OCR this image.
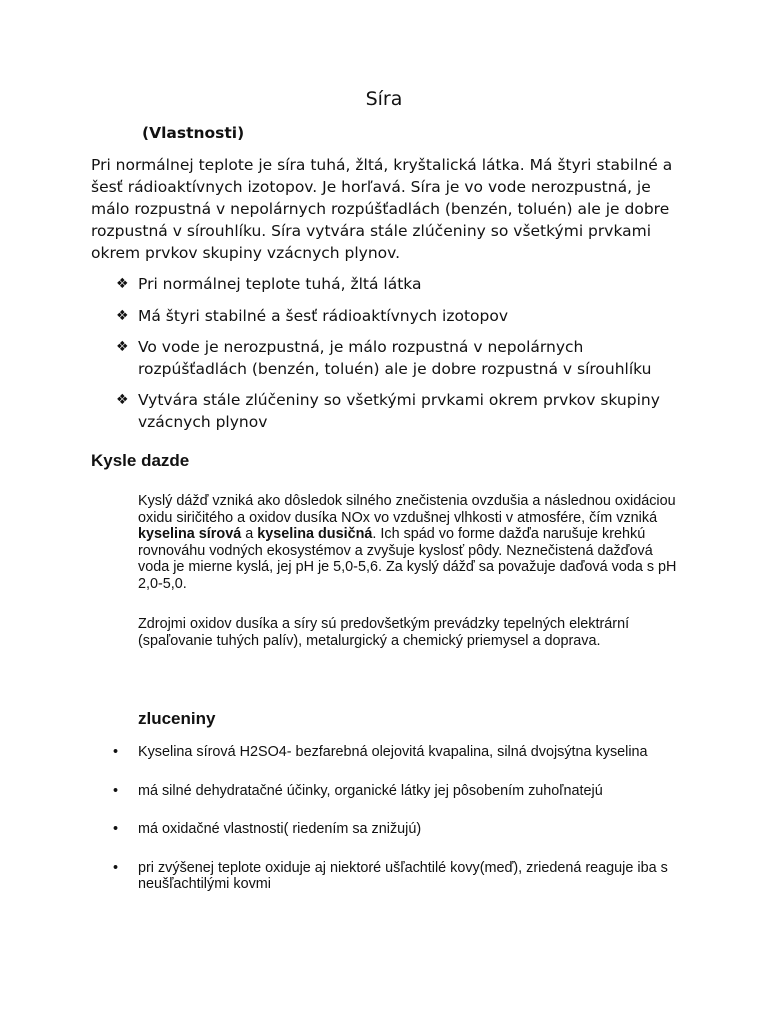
Síra
(Vlastnosti)
Pri normálnej teplote je síra tuhá, žltá, kryštalická látka. Má štyri stabilné a šesť rádioaktívnych izotopov. Je horľavá. Síra je vo vode nerozpustná, je málo rozpustná v nepolárnych rozpúšťadlách (benzén, toluén) ale je dobre rozpustná v sírouhlíku. Síra vytvára stále zlúčeniny so všetkými prvkami okrem prvkov skupiny vzácnych plynov.
❖ Pri normálnej teplote tuhá, žltá látka
❖ Má štyri stabilné a šesť rádioaktívnych izotopov
❖ Vo vode je nerozpustná, je málo rozpustná v nepolárnych rozpúšťadlách (benzén, toluén) ale je dobre rozpustná v sírouhlíku
❖ Vytvára stále zlúčeniny so všetkými prvkami okrem prvkov skupiny vzácnych plynov
Kysle dazde

Kyslý dážď vzniká ako dôsledok silného znečistenia ovzdušia a následnou oxidáciou oxidu siričitého a oxidov dusíka NOx vo vzdušnej vlhkosti v atmosfére, čím vzniká kyselina sírová a kyselina dusičná. Ich spád vo forme dažďa narušuje krehkú rovnováhu vodných ekosystémov a zvyšuje kyslosť pôdy. Neznečistená dažďová voda je mierne kyslá, jej pH je 5,0-5,6. Za kyslý dážď sa považuje daďová voda s pH 2,0-5,0.

Zdrojmi oxidov dusíka a síry sú predovšetkým prevádzky tepelných elektrární (spaľovanie tuhých palív), metalurgický a chemický priemysel a doprava.

zluceniny
• Kyselina sírová H2SO4- bezfarebná olejovitá kvapalina, silná dvojsýtna kyselina
• má silné dehydratačné účinky, organické látky jej pôsobením zuhoľnatejú
• má oxidačné vlastnosti( riedením sa znižujú)
• pri zvýšenej teplote oxiduje aj niektoré ušľachtilé kovy(meď), zriedená reaguje iba s neušľachtilými kovmi
